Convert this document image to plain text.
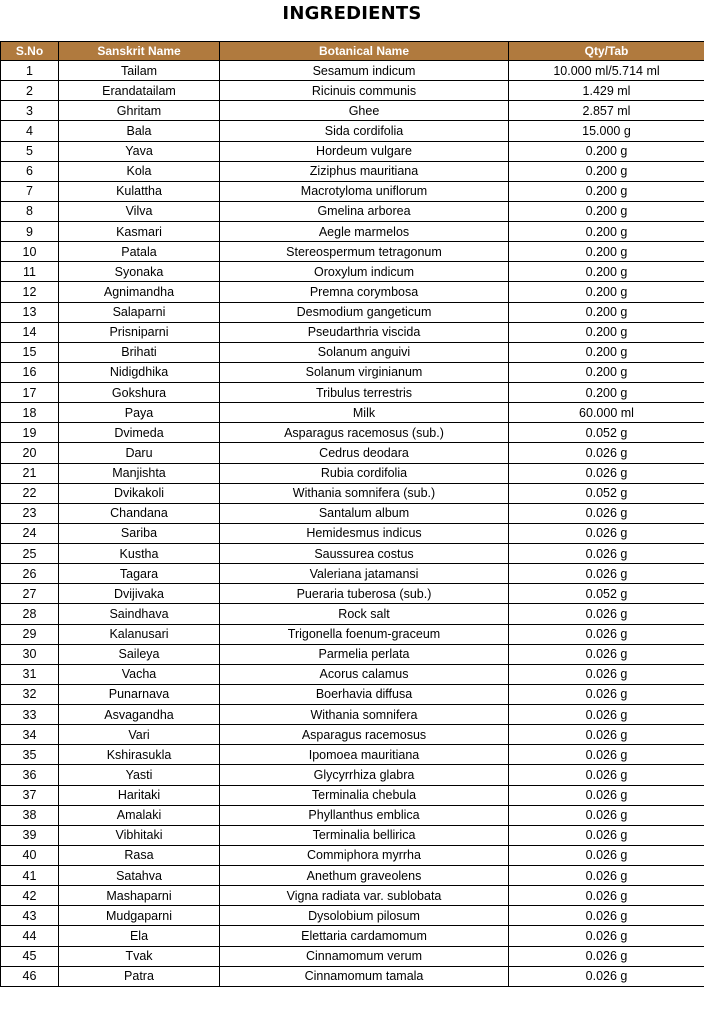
INGREDIENTS
S.No	Sanskrit Name	Botanical Name	Qty/Tab
1	Tailam	Sesamum indicum	10.000 ml/5.714 ml
2	Erandatailam	Ricinuis communis	1.429 ml
3	Ghritam	Ghee	2.857 ml
4	Bala	Sida cordifolia	15.000 g
5	Yava	Hordeum vulgare	0.200 g
6	Kola	Ziziphus mauritiana	0.200 g
7	Kulattha	Macrotyloma uniflorum	0.200 g
8	Vilva	Gmelina arborea	0.200 g
9	Kasmari	Aegle marmelos	0.200 g
10	Patala	Stereospermum tetragonum	0.200 g
11	Syonaka	Oroxylum indicum	0.200 g
12	Agnimandha	Premna corymbosa	0.200 g
13	Salaparni	Desmodium gangeticum	0.200 g
14	Prisniparni	Pseudarthria viscida	0.200 g
15	Brihati	Solanum anguivi	0.200 g
16	Nidigdhika	Solanum virginianum	0.200 g
17	Gokshura	Tribulus terrestris	0.200 g
18	Paya	Milk	60.000 ml
19	Dvimeda	Asparagus racemosus (sub.)	0.052 g
20	Daru	Cedrus deodara	0.026 g
21	Manjishta	Rubia cordifolia	0.026 g
22	Dvikakoli	Withania somnifera (sub.)	0.052 g
23	Chandana	Santalum album	0.026 g
24	Sariba	Hemidesmus indicus	0.026 g
25	Kustha	Saussurea costus	0.026 g
26	Tagara	Valeriana jatamansi	0.026 g
27	Dvijivaka	Pueraria tuberosa (sub.)	0.052 g
28	Saindhava	Rock salt	0.026 g
29	Kalanusari	Trigonella foenum-graceum	0.026 g
30	Saileya	Parmelia perlata	0.026 g
31	Vacha	Acorus calamus	0.026 g
32	Punarnava	Boerhavia diffusa	0.026 g
33	Asvagandha	Withania somnifera	0.026 g
34	Vari	Asparagus racemosus	0.026 g
35	Kshirasukla	Ipomoea mauritiana	0.026 g
36	Yasti	Glycyrrhiza glabra	0.026 g
37	Haritaki	Terminalia chebula	0.026 g
38	Amalaki	Phyllanthus emblica	0.026 g
39	Vibhitaki	Terminalia bellirica	0.026 g
40	Rasa	Commiphora myrrha	0.026 g
41	Satahva	Anethum graveolens	0.026 g
42	Mashaparni	Vigna radiata var. sublobata	0.026 g
43	Mudgaparni	Dysolobium pilosum	0.026 g
44	Ela	Elettaria cardamomum	0.026 g
45	Tvak	Cinnamomum verum	0.026 g
46	Patra	Cinnamomum tamala	0.026 g
